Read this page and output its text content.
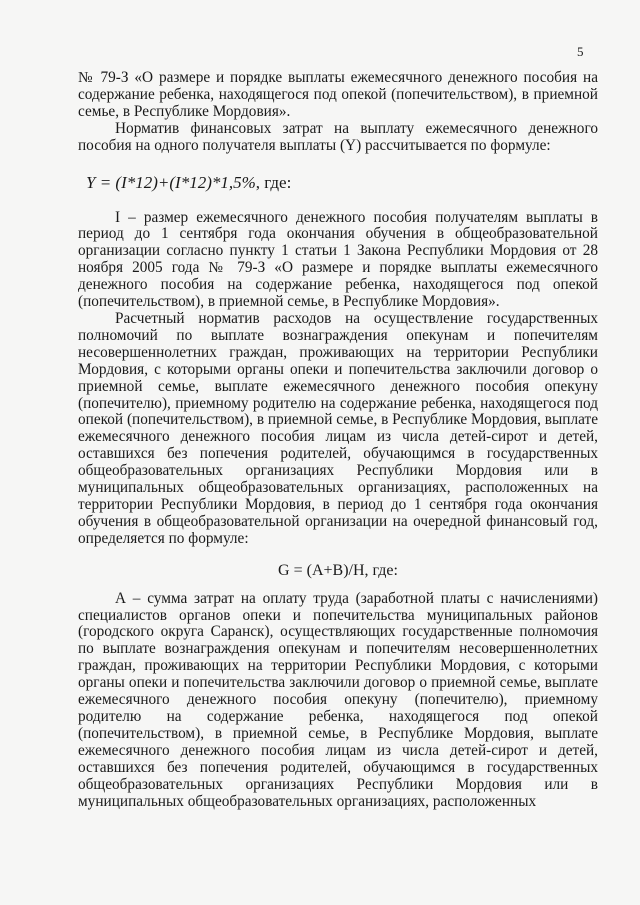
5

№ 79-З «О размере и порядке выплаты ежемесячного денежного пособия на содержание ребенка, находящегося под опекой (попечительством), в приемной семье, в Республике Мордовия».

Норматив финансовых затрат на выплату ежемесячного денежного пособия на одного получателя выплаты (Y) рассчитывается по формуле:

Y = (I*12)+(I*12)*1,5%, где:

I – размер ежемесячного денежного пособия получателям выплаты в период до 1 сентября года окончания обучения в общеобразовательной организации согласно пункту 1 статьи 1 Закона Республики Мордовия от 28 ноября 2005 года № 79-З «О размере и порядке выплаты ежемесячного денежного пособия на содержание ребенка, находящегося под опекой (попечительством), в приемной семье, в Республике Мордовия».

Расчетный норматив расходов на осуществление государственных полномочий по выплате вознаграждения опекунам и попечителям несовершеннолетних граждан, проживающих на территории Республики Мордовия, с которыми органы опеки и попечительства заключили договор о приемной семье, выплате ежемесячного денежного пособия опекуну (попечителю), приемному родителю на содержание ребенка, находящегося под опекой (попечительством), в приемной семье, в Республике Мордовия, выплате ежемесячного денежного пособия лицам из числа детей-сирот и детей, оставшихся без попечения родителей, обучающимся в государственных общеобразовательных организациях Республики Мордовия или в муниципальных общеобразовательных организациях, расположенных на территории Республики Мордовия, в период до 1 сентября года окончания обучения в общеобразовательной организации на очередной финансовый год, определяется по формуле:

G = (А+В)/Н, где:

А – сумма затрат на оплату труда (заработной платы с начислениями) специалистов органов опеки и попечительства муниципальных районов (городского округа Саранск), осуществляющих государственные полномочия по выплате вознаграждения опекунам и попечителям несовершеннолетних граждан, проживающих на территории Республики Мордовия, с которыми органы опеки и попечительства заключили договор о приемной семье, выплате ежемесячного денежного пособия опекуну (попечителю), приемному родителю на содержание ребенка, находящегося под опекой (попечительством), в приемной семье, в Республике Мордовия, выплате ежемесячного денежного пособия лицам из числа детей-сирот и детей, оставшихся без попечения родителей, обучающимся в государственных общеобразовательных организациях Республики Мордовия или в муниципальных общеобразовательных организациях, расположенных
